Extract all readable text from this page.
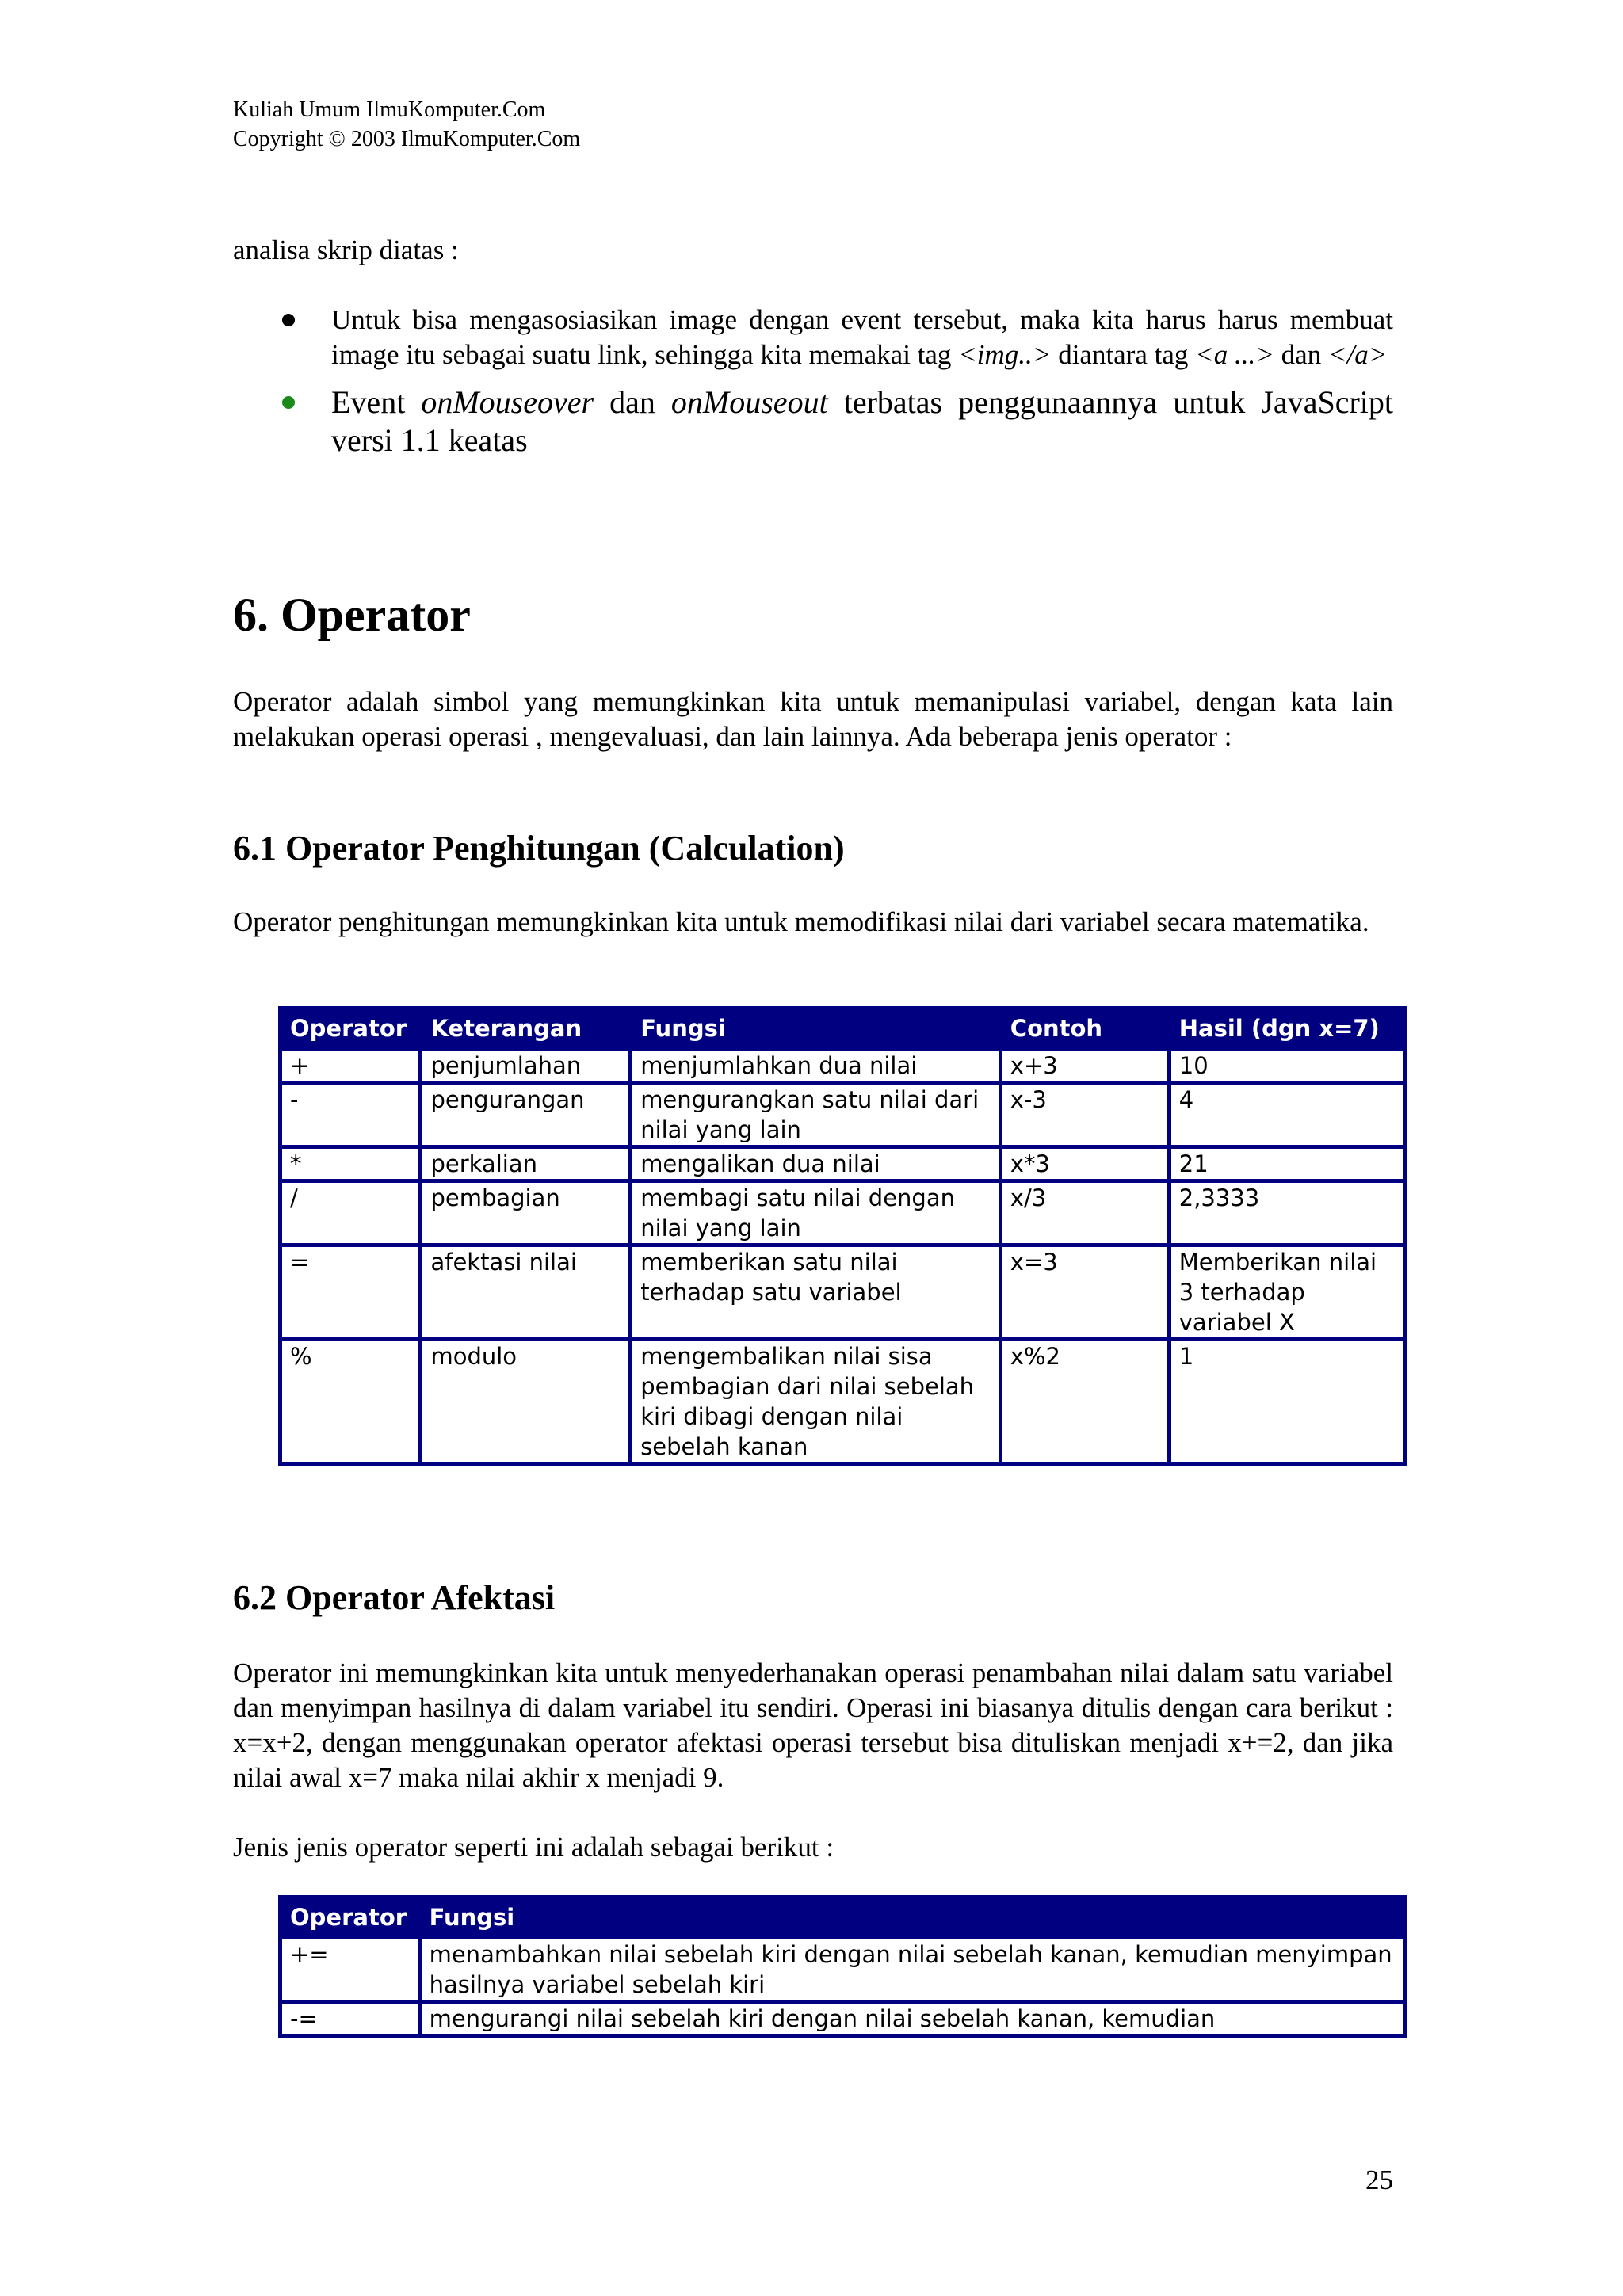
Kuliah Umum IlmuKomputer.Com
Copyright © 2003 IlmuKomputer.Com
analisa skrip diatas :
Untuk bisa mengasosiasikan image dengan event tersebut, maka kita harus harus membuat image itu sebagai suatu link, sehingga kita memakai tag <img..> diantara tag <a ...> dan </a>
Event onMouseover dan onMouseout terbatas penggunaannya untuk JavaScript versi 1.1 keatas
6. Operator
Operator adalah simbol yang memungkinkan kita untuk memanipulasi variabel, dengan kata lain melakukan operasi operasi , mengevaluasi, dan lain lainnya. Ada beberapa jenis operator :
6.1 Operator Penghitungan (Calculation)
Operator penghitungan memungkinkan kita untuk memodifikasi nilai dari variabel secara matematika.
Operator	Keterangan	Fungsi	Contoh	Hasil (dgn x=7)
+	penjumlahan	menjumlahkan dua nilai	x+3	10
-	pengurangan	mengurangkan satu nilai dari nilai yang lain	x-3	4
*	perkalian	mengalikan dua nilai	x*3	21
/	pembagian	membagi satu nilai dengan nilai yang lain	x/3	2,3333
=	afektasi nilai	memberikan satu nilai terhadap satu variabel	x=3	Memberikan nilai 3 terhadap variabel X
%	modulo	mengembalikan nilai sisa pembagian dari nilai sebelah kiri dibagi dengan nilai sebelah kanan	x%2	1
6.2 Operator Afektasi
Operator ini memungkinkan kita untuk menyederhanakan operasi penambahan nilai dalam satu variabel dan menyimpan hasilnya di dalam variabel itu sendiri. Operasi ini biasanya ditulis dengan cara berikut : x=x+2, dengan menggunakan operator afektasi operasi tersebut bisa dituliskan menjadi x+=2, dan jika nilai awal x=7 maka nilai akhir x menjadi 9.
Jenis jenis operator seperti ini adalah sebagai berikut :
Operator	Fungsi
+=	menambahkan nilai sebelah kiri dengan nilai sebelah kanan, kemudian menyimpan hasilnya variabel sebelah kiri
-=	mengurangi nilai sebelah kiri dengan nilai sebelah kanan, kemudian
25
